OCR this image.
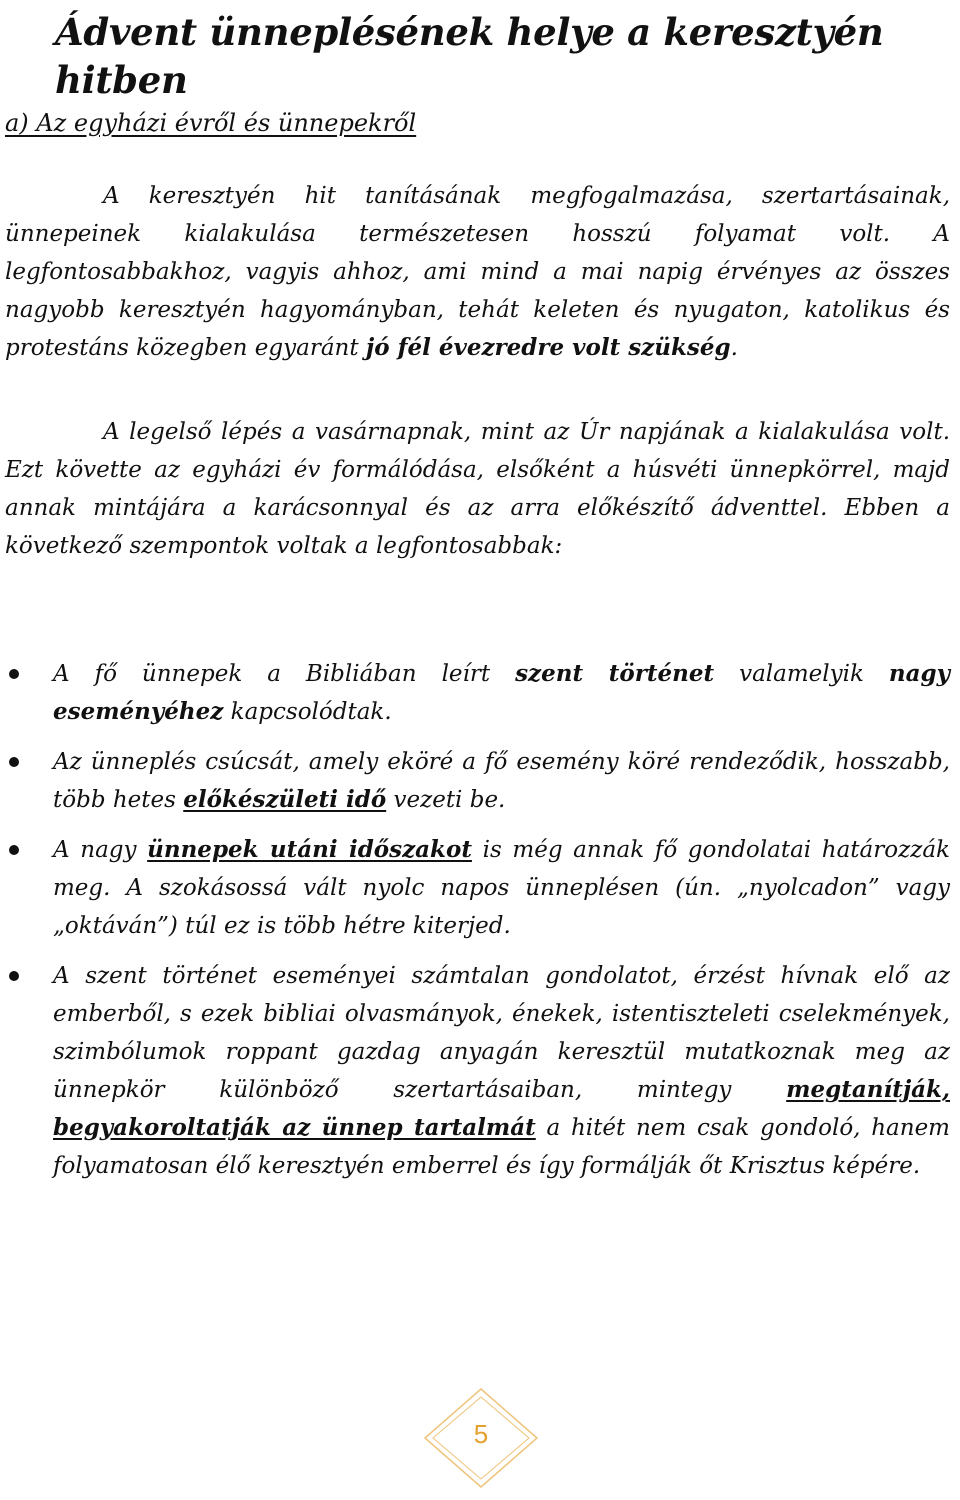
Ádvent ünneplésének helye a keresztyén hitben
a) Az egyházi évről és ünnepekről

A keresztyén hit tanításának megfogalmazása, szertartásainak, ünnepeinek kialakulása természetesen hosszú folyamat volt. A legfontosabbakhoz, vagyis ahhoz, ami mind a mai napig érvényes az összes nagyobb keresztyén hagyományban, tehát keleten és nyugaton, katolikus és protestáns közegben egyaránt jó fél évezredre volt szükség.

A legelső lépés a vasárnapnak, mint az Úr napjának a kialakulása volt. Ezt követte az egyházi év formálódása, elsőként a húsvéti ünnepkörrel, majd annak mintájára a karácsonnyal és az arra előkészítő ádventtel. Ebben a következő szempontok voltak a legfontosabbak:

A fő ünnepek a Bibliában leírt szent történet valamelyik nagy eseményéhez kapcsolódtak.
Az ünneplés csúcsát, amely eköré a fő esemény köré rendeződik, hosszabb, több hetes előkészületi idő vezeti be.
A nagy ünnepek utáni időszakot is még annak fő gondolatai határozzák meg. A szokásossá vált nyolc napos ünneplésen (ún. „nyolcadon” vagy „oktáván”) túl ez is több hétre kiterjed.
A szent történet eseményei számtalan gondolatot, érzést hívnak elő az emberből, s ezek bibliai olvasmányok, énekek, istentiszteleti cselekmények, szimbólumok roppant gazdag anyagán keresztül mutatkoznak meg az ünnepkör különböző szertartásaiban, mintegy megtanítják, begyakoroltatják az ünnep tartalmát a hitét nem csak gondoló, hanem folyamatosan élő keresztyén emberrel és így formálják őt Krisztus képére.
5
